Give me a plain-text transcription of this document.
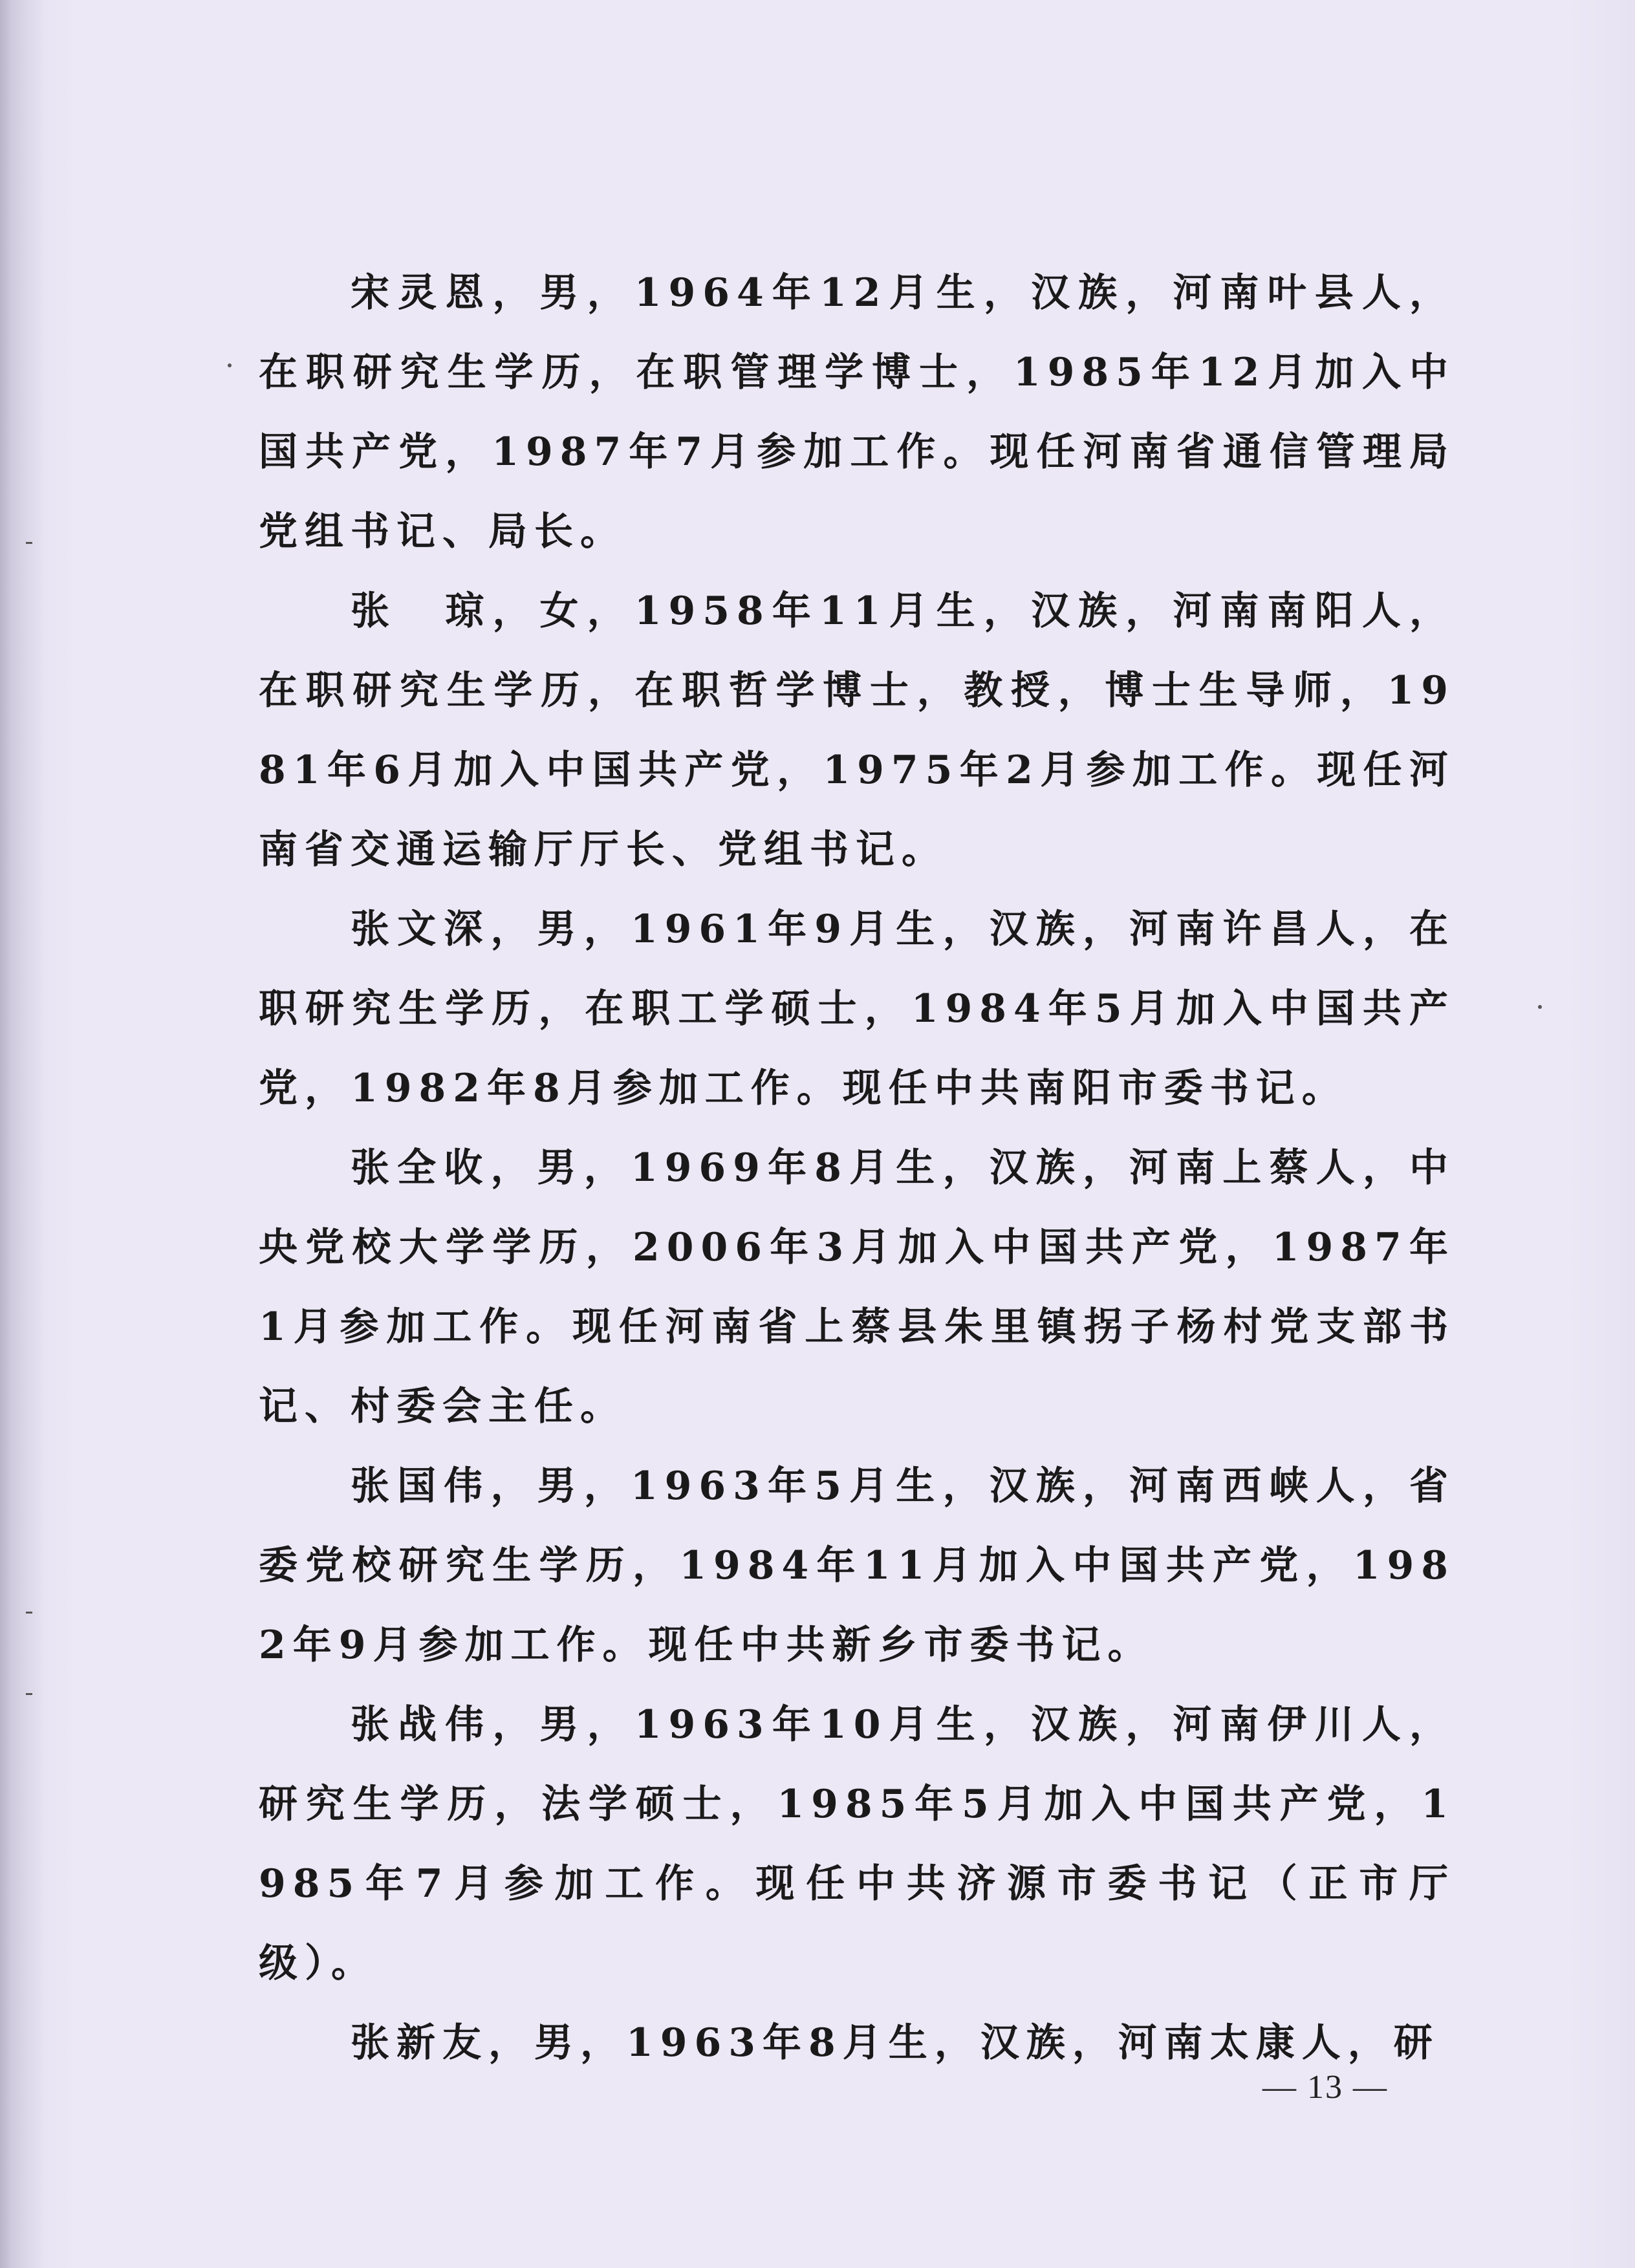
宋灵恩，男，1964年12月生，汉族，河南叶县人，在职研究生学历，在职管理学博士，1985年12月加入中国共产党，1987年7月参加工作。现任河南省通信管理局党组书记、局长。

张　琼，女，1958年11月生，汉族，河南南阳人，在职研究生学历，在职哲学博士，教授，博士生导师，1981年6月加入中国共产党，1975年2月参加工作。现任河南省交通运输厅厅长、党组书记。

张文深，男，1961年9月生，汉族，河南许昌人，在职研究生学历，在职工学硕士，1984年5月加入中国共产党，1982年8月参加工作。现任中共南阳市委书记。

张全收，男，1969年8月生，汉族，河南上蔡人，中央党校大学学历，2006年3月加入中国共产党，1987年1月参加工作。现任河南省上蔡县朱里镇拐子杨村党支部书记、村委会主任。

张国伟，男，1963年5月生，汉族，河南西峡人，省委党校研究生学历，1984年11月加入中国共产党，1982年9月参加工作。现任中共新乡市委书记。

张战伟，男，1963年10月生，汉族，河南伊川人，研究生学历，法学硕士，1985年5月加入中国共产党，1985年7月参加工作。现任中共济源市委书记（正市厅级）。

张新友，男，1963年8月生，汉族，河南太康人，研

— 13 —
